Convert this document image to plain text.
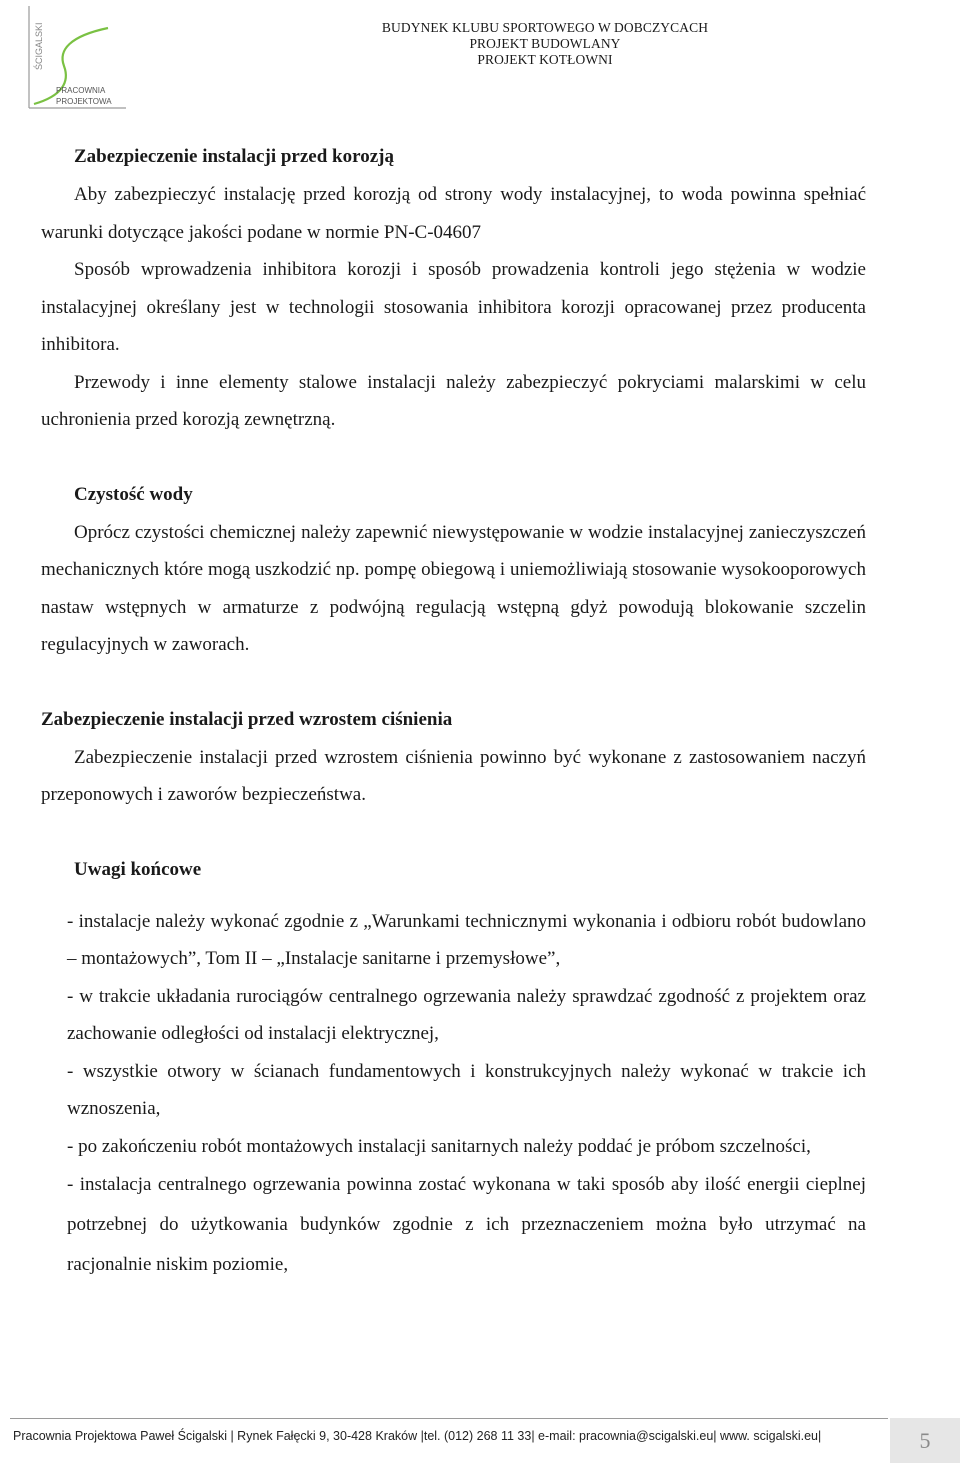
ŚCIGALSKI
PRACOWNIA
PROJEKTOWA
BUDYNEK KLUBU SPORTOWEGO W DOBCZYCACH
PROJEKT BUDOWLANY
PROJEKT KOTŁOWNI
Zabezpieczenie instalacji przed korozją

Aby zabezpieczyć instalację przed korozją od strony wody instalacyjnej, to woda powinna spełniać warunki dotyczące jakości podane w normie PN-C-04607

Sposób wprowadzenia inhibitora korozji i sposób prowadzenia kontroli jego stężenia w wodzie instalacyjnej określany jest w technologii stosowania inhibitora korozji opracowanej przez producenta inhibitora.

Przewody i inne elementy stalowe instalacji należy zabezpieczyć pokryciami malarskimi w celu uchronienia przed korozją zewnętrzną.

Czystość wody

Oprócz czystości chemicznej należy zapewnić niewystępowanie w wodzie instalacyjnej zanieczyszczeń mechanicznych które mogą uszkodzić np. pompę obiegową i uniemożliwiają stosowanie wysokooporowych nastaw wstępnych w armaturze z podwójną regulacją wstępną gdyż powodują blokowanie szczelin regulacyjnych w zaworach.

Zabezpieczenie instalacji przed wzrostem ciśnienia

Zabezpieczenie instalacji przed wzrostem ciśnienia powinno być wykonane z zastosowaniem naczyń przeponowych i zaworów bezpieczeństwa.

Uwagi końcowe

- instalacje należy wykonać zgodnie z „Warunkami technicznymi wykonania i odbioru robót budowlano – montażowych”, Tom II – „Instalacje sanitarne i przemysłowe”,

- w trakcie układania rurociągów centralnego ogrzewania należy sprawdzać zgodność z projektem oraz zachowanie odległości od instalacji elektrycznej,

- wszystkie otwory w ścianach fundamentowych i konstrukcyjnych należy wykonać w trakcie ich wznoszenia,

- po zakończeniu robót montażowych instalacji sanitarnych należy poddać je próbom szczelności,

- instalacja centralnego ogrzewania powinna zostać wykonana w taki sposób aby ilość energii cieplnej potrzebnej do użytkowania budynków zgodnie z ich przeznaczeniem można było utrzymać na racjonalnie niskim poziomie,

Pracownia Projektowa Paweł Ścigalski | Rynek Fałęcki 9, 30-428 Kraków |tel. (012) 268 11 33| e-mail: pracownia@scigalski.eu| www. scigalski.eu|	5
